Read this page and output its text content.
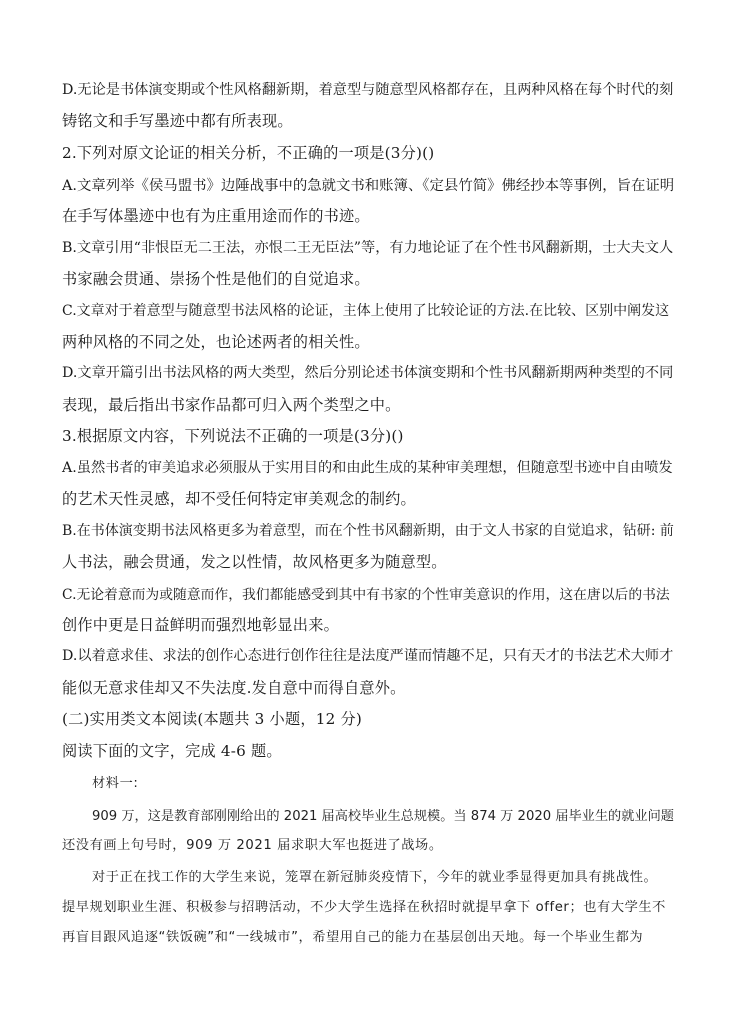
D.无论是书体演变期或个性风格翻新期，着意型与随意型风格都存在，且两种风格在每个时代的刻
铸铭文和手写墨迹中都有所表现。
2.下列对原文论证的相关分析，不正确的一项是(3分)()
A.文章列举《侯马盟书》边陲战事中的急就文书和账簿、《定县竹简》佛经抄本等事例，旨在证明
在手写体墨迹中也有为庄重用途而作的书迹。
B.文章引用“非恨臣无二王法，亦恨二王无臣法”等，有力地论证了在个性书风翻新期，士大夫文人
书家融会贯通、崇扬个性是他们的自觉追求。
C.文章对于着意型与随意型书法风格的论证，主体上使用了比较论证的方法.在比较、区别中阐发这
两种风格的不同之处，也论述两者的相关性。
D.文章开篇引出书法风格的两大类型，然后分别论述书体演变期和个性书风翻新期两种类型的不同
表现，最后指出书家作品都可归入两个类型之中。
3.根据原文内容，下列说法不正确的一项是(3分)()
A.虽然书者的审美追求必须服从于实用目的和由此生成的某种审美理想，但随意型书迹中自由喷发
的艺术天性灵感，却不受任何特定审美观念的制约。
B.在书体演变期书法风格更多为着意型，而在个性书风翻新期，由于文人书家的自觉追求，钻研: 前
人书法，融会贯通，发之以性情，故风格更多为随意型。
C.无论着意而为或随意而作，我们都能感受到其中有书家的个性审美意识的作用，这在唐以后的书法
创作中更是日益鲜明而强烈地彰显出来。
D.以着意求佳、求法的创作心态进行创作往往是法度严谨而情趣不足，只有天才的书法艺术大师才
能似无意求佳却又不失法度.发自意中而得自意外。
(二)实用类文本阅读(本题共 3 小题，12 分)
阅读下面的文字，完成 4-6 题。
材料一:
909 万，这是教育部刚刚给出的 2021 届高校毕业生总规模。当 874 万 2020 届毕业生的就业问题
还没有画上句号时，909 万 2021 届求职大军也挺进了战场。
对于正在找工作的大学生来说，笼罩在新冠肺炎疫情下，今年的就业季显得更加具有挑战性。
提早规划职业生涯、积极参与招聘活动，不少大学生选择在秋招时就提早拿下 offer；也有大学生不
再盲目跟风追逐“铁饭碗”和“一线城市”，希望用自己的能力在基层创出天地。每一个毕业生都为
